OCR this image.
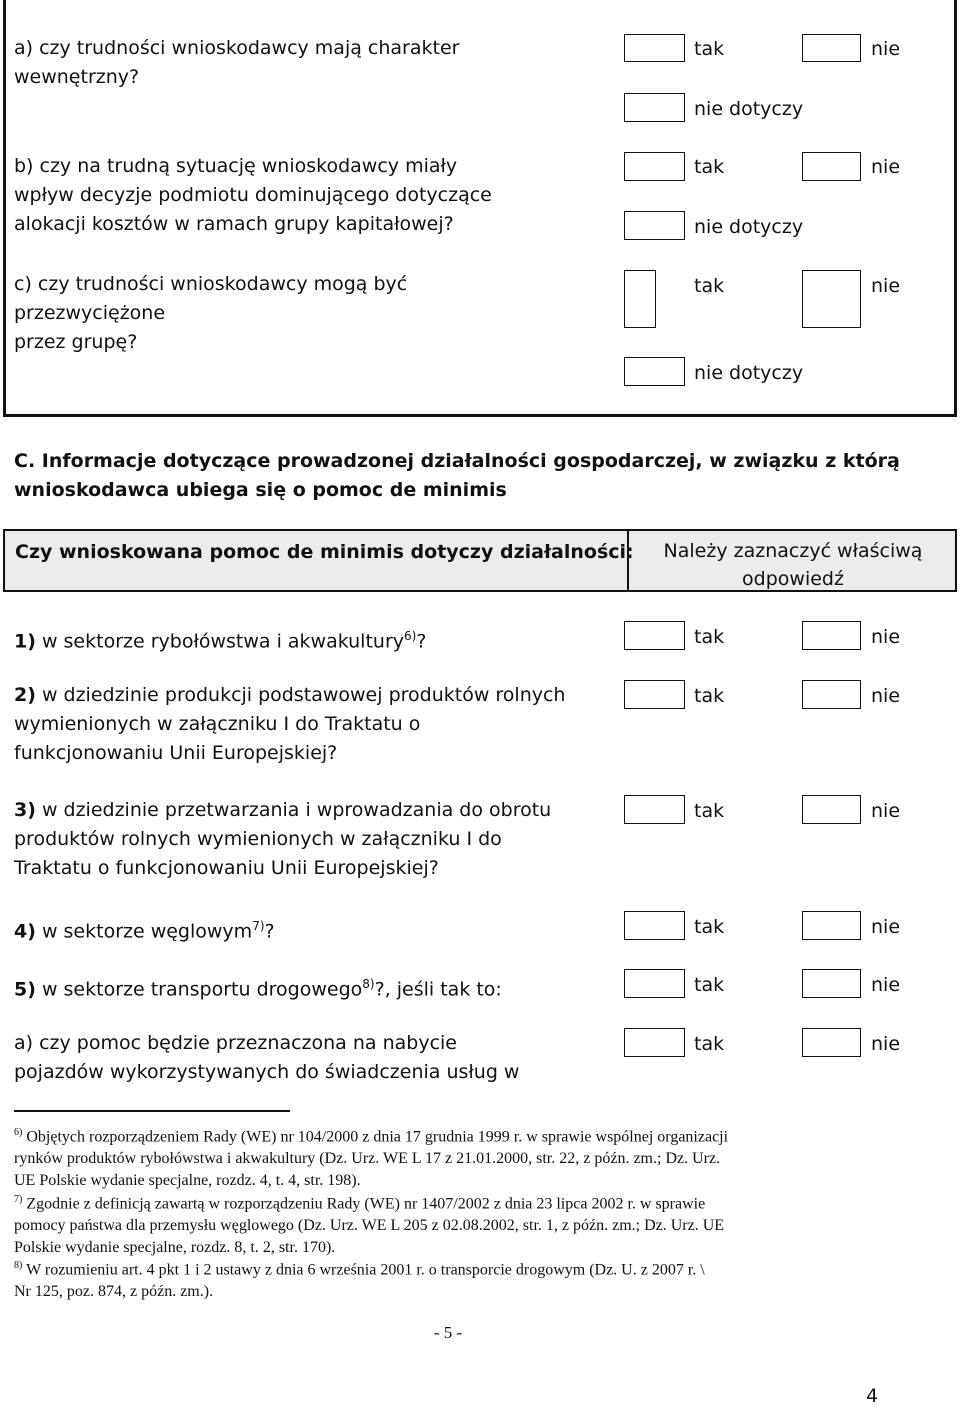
a) czy trudności wnioskodawcy mają charakter
wewnętrzny?
tak	nie
nie dotyczy
b) czy na trudną sytuację wnioskodawcy miały
wpływ decyzje podmiotu dominującego dotyczące
alokacji kosztów w ramach grupy kapitałowej?
tak	nie
nie dotyczy
c) czy trudności wnioskodawcy mogą być
przezwyciężone
przez grupę?
tak	nie
nie dotyczy
C. Informacje dotyczące prowadzonej działalności gospodarczej, w związku z którą
wnioskodawca ubiega się o pomoc de minimis
Czy wnioskowana pomoc de minimis dotyczy działalności:	Należy zaznaczyć właściwą
odpowiedź
1) w sektorze rybołówstwa i akwakultury$^{6)}$?	tak	nie
2) w dziedzinie produkcji podstawowej produktów rolnych
wymienionych w załączniku I do Traktatu o
funkcjonowaniu Unii Europejskiej?
tak	nie
3) w dziedzinie przetwarzania i wprowadzania do obrotu
produktów rolnych wymienionych w załączniku I do
Traktatu o funkcjonowaniu Unii Europejskiej?
tak	nie
4) w sektorze węglowym$^{7)}$?	tak	nie
5) w sektorze transportu drogowego$^{8)}$?, jeśli tak to:	tak	nie
a) czy pomoc będzie przeznaczona na nabycie
pojazdów wykorzystywanych do świadczenia usług w
tak	nie
$^{6)}$ Objętych rozporządzeniem Rady (WE) nr 104/2000 z dnia 17 grudnia 1999 r. w sprawie wspólnej organizacji
rynków produktów rybołówstwa i akwakultury (Dz. Urz. WE L 17 z 21.01.2000, str. 22, z późn. zm.; Dz. Urz.
UE Polskie wydanie specjalne, rozdz. 4, t. 4, str. 198).
$^{7)}$ Zgodnie z definicją zawartą w rozporządzeniu Rady (WE) nr 1407/2002 z dnia 23 lipca 2002 r. w sprawie
pomocy państwa dla przemysłu węglowego (Dz. Urz. WE L 205 z 02.08.2002, str. 1, z późn. zm.; Dz. Urz. UE
Polskie wydanie specjalne, rozdz. 8, t. 2, str. 170).
$^{8)}$ W rozumieniu art. 4 pkt 1 i 2 ustawy z dnia 6 września 2001 r. o transporcie drogowym (Dz. U. z 2007 r. \
Nr 125, poz. 874, z późn. zm.).
- 5 -
4
